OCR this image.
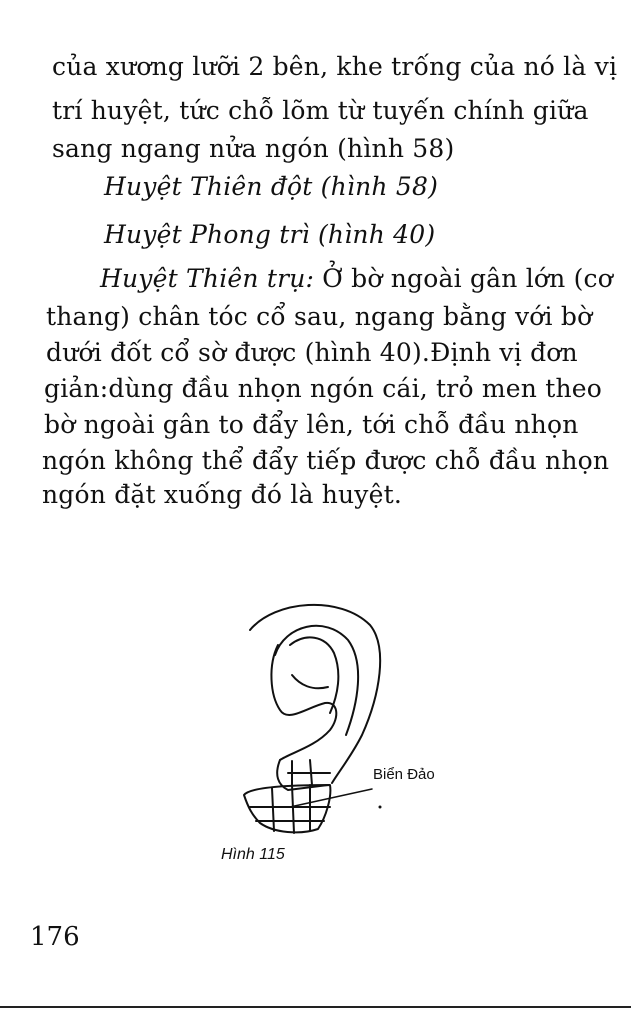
của xương lưỡi 2 bên, khe trống của nó là vị
trí huyệt, tức chỗ lõm từ tuyến chính giữa
sang ngang nửa ngón (hình 58)
Huyệt Thiên đột (hình 58)
Huyệt Phong trì (hình 40)
Huyệt Thiên trụ: Ở bờ ngoài gân lớn (cơ
thang) chân tóc cổ sau, ngang bằng với bờ
dưới đốt cổ sờ được (hình 40).Định vị đơn
giản:dùng đầu nhọn ngón cái, trỏ men theo
bờ ngoài gân to đẩy lên, tới chỗ đầu nhọn
ngón không thể đẩy tiếp được chỗ đầu nhọn
ngón đặt xuống đó là huyệt.
Biển Đảo
Hình 115
176
